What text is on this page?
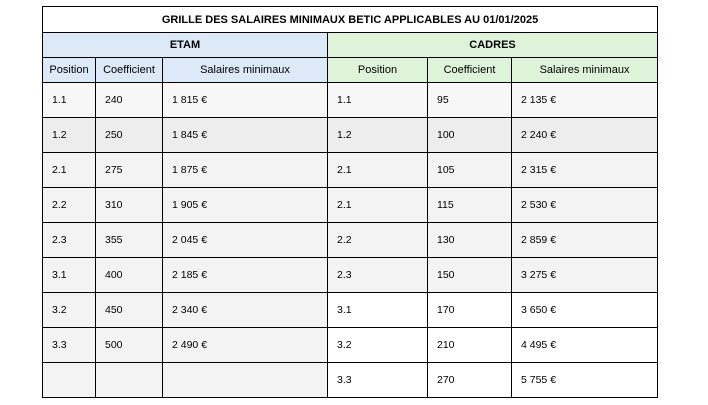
GRILLE DES SALAIRES MINIMAUX BETIC APPLICABLES AU 01/01/2025					
ETAM			CADRES		
Position	Coefficient	Salaires minimaux	Position	Coefficient	Salaires minimaux
1.1	240	1 815 €	1.1	95	2 135 €
1.2	250	1 845 €	1.2	100	2 240 €
2.1	275	1 875 €	2.1	105	2 315 €
2.2	310	1 905 €	2.1	115	2 530 €
2.3	355	2 045 €	2.2	130	2 859 €
3.1	400	2 185 €	2.3	150	3 275 €
3.2	450	2 340 €	3.1	170	3 650 €
3.3	500	2 490 €	3.2	210	4 495 €
			3.3	270	5 755 €
